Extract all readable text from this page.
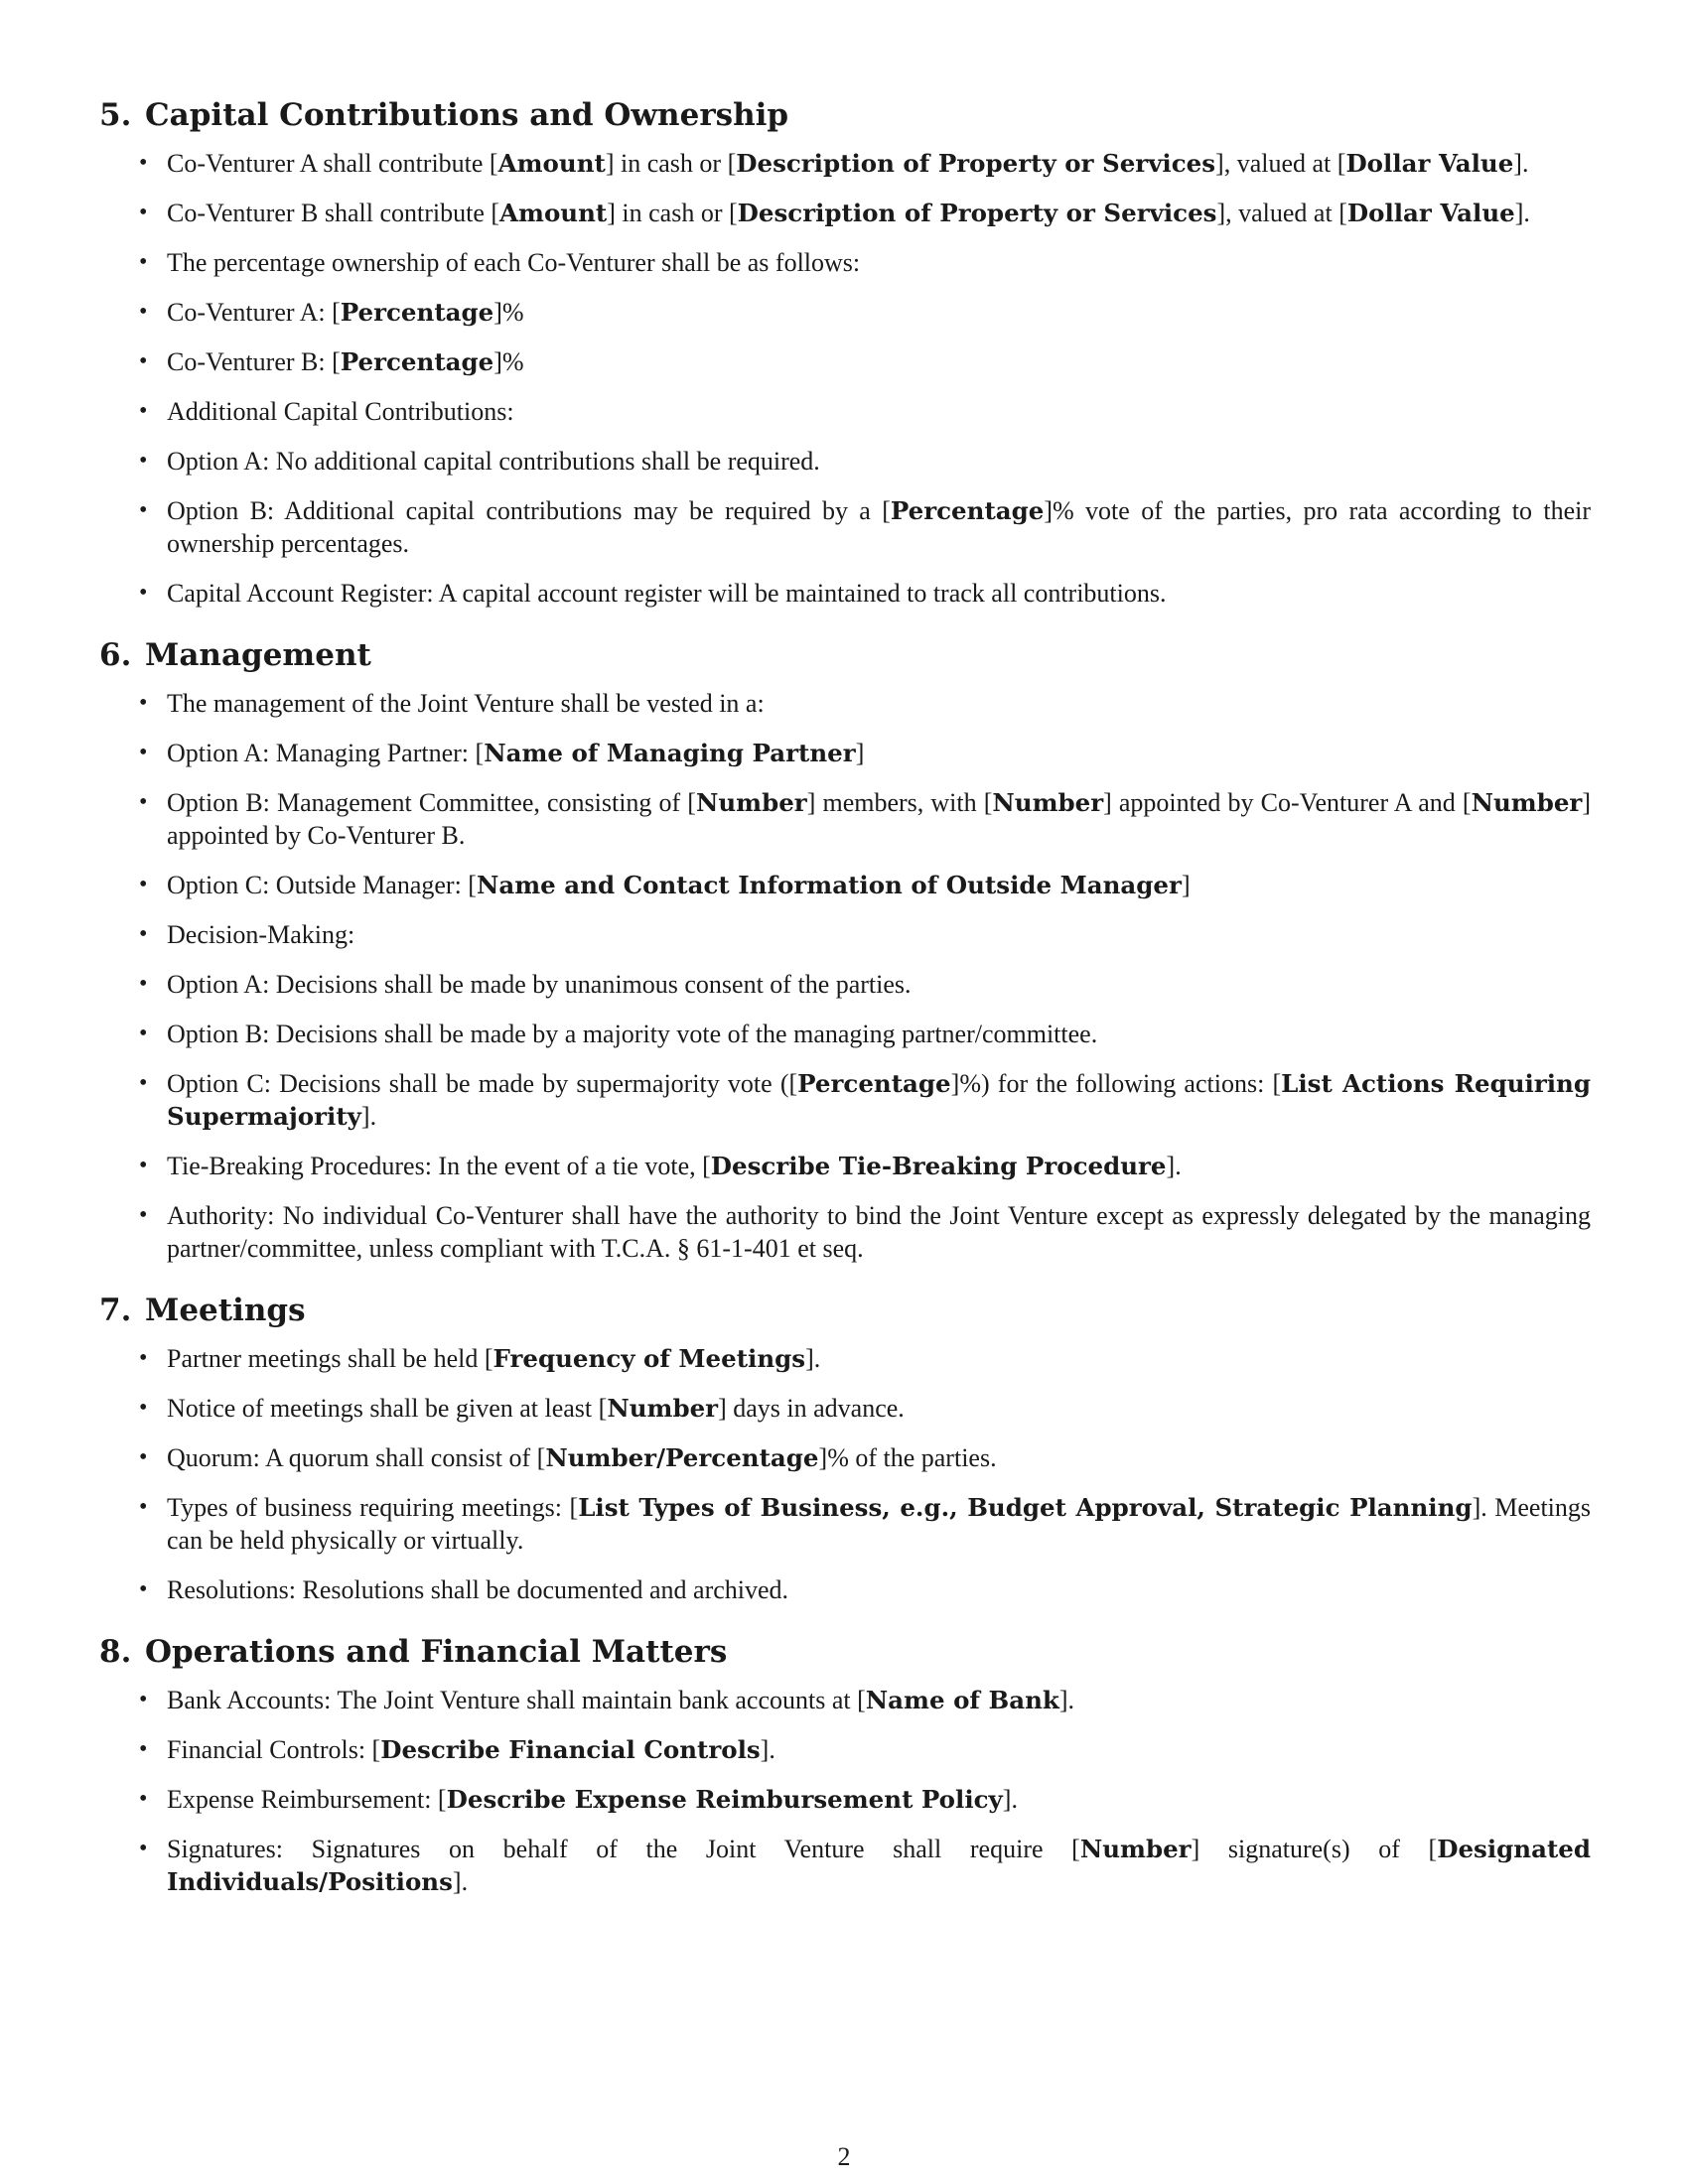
5. Capital Contributions and Ownership
• Co-Venturer A shall contribute [Amount] in cash or [Description of Property or Services], valued at [Dollar Value].
• Co-Venturer B shall contribute [Amount] in cash or [Description of Property or Services], valued at [Dollar Value].
• The percentage ownership of each Co-Venturer shall be as follows:
• Co-Venturer A: [Percentage]%
• Co-Venturer B: [Percentage]%
• Additional Capital Contributions:
• Option A: No additional capital contributions shall be required.
• Option B: Additional capital contributions may be required by a [Percentage]% vote of the parties, pro rata according to their ownership percentages.
• Capital Account Register: A capital account register will be maintained to track all contributions.
6. Management
• The management of the Joint Venture shall be vested in a:
• Option A: Managing Partner: [Name of Managing Partner]
• Option B: Management Committee, consisting of [Number] members, with [Number] appointed by Co-Venturer A and [Number] appointed by Co-Venturer B.
• Option C: Outside Manager: [Name and Contact Information of Outside Manager]
• Decision-Making:
• Option A: Decisions shall be made by unanimous consent of the parties.
• Option B: Decisions shall be made by a majority vote of the managing partner/committee.
• Option C: Decisions shall be made by supermajority vote ([Percentage]%) for the following actions: [List Actions Requiring Supermajority].
• Tie-Breaking Procedures: In the event of a tie vote, [Describe Tie-Breaking Procedure].
• Authority: No individual Co-Venturer shall have the authority to bind the Joint Venture except as expressly delegated by the managing partner/committee, unless compliant with T.C.A. § 61-1-401 et seq.
7. Meetings
• Partner meetings shall be held [Frequency of Meetings].
• Notice of meetings shall be given at least [Number] days in advance.
• Quorum: A quorum shall consist of [Number/Percentage]% of the parties.
• Types of business requiring meetings: [List Types of Business, e.g., Budget Approval, Strategic Planning]. Meetings can be held physically or virtually.
• Resolutions: Resolutions shall be documented and archived.
8. Operations and Financial Matters
• Bank Accounts: The Joint Venture shall maintain bank accounts at [Name of Bank].
• Financial Controls: [Describe Financial Controls].
• Expense Reimbursement: [Describe Expense Reimbursement Policy].
• Signatures: Signatures on behalf of the Joint Venture shall require [Number] signature(s) of [Designated Individuals/Positions].
2
